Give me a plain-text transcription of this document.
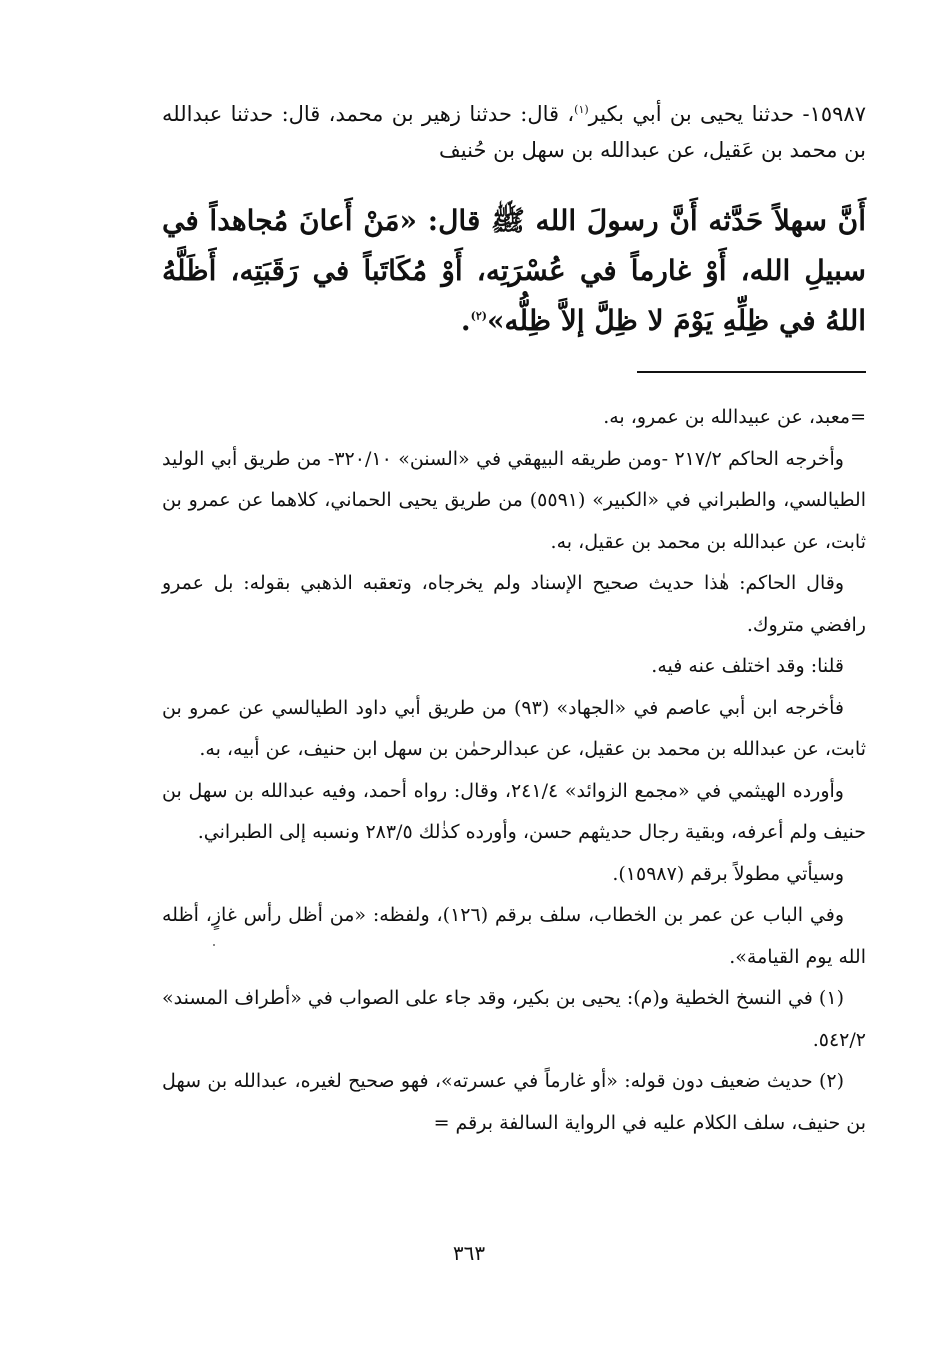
١٥٩٨٧- حدثنا يحيى بن أبي بكير$^{(١)}$، قال: حدثنا زهير بن محمد، قال: حدثنا عبدالله بن محمد بن عَقيل، عن عبدالله بن سهل بن حُنيف
أَنَّ سهلاً حَدَّثه أَنَّ رسولَ الله ﷺ قال: «مَنْ أَعانَ مُجاهداً في سبيلِ الله، أَوْ غارماً في عُسْرَتِه، أَوْ مُكَاتَباً في رَقَبَتِه، أَظَلَّهُ اللهُ في ظِلِّهِ يَوْمَ لا ظِلَّ إلاَّ ظِلُّه»$^{(٢)}$.

=معبد، عن عبيدالله بن عمرو، به.

وأخرجه الحاكم ٢١٧/٢ -ومن طريقه البيهقي في «السنن» ٣٢٠/١٠- من طريق أبي الوليد الطيالسي، والطبراني في «الكبير» (٥٥٩١) من طريق يحيى الحماني، كلاهما عن عمرو بن ثابت، عن عبدالله بن محمد بن عقيل، به.

وقال الحاكم: هٰذا حديث صحيح الإسناد ولم يخرجاه، وتعقبه الذهبي بقوله: بل عمرو رافضي متروك.

قلنا: وقد اختلف عنه فيه.

فأخرجه ابن أبي عاصم في «الجهاد» (٩٣) من طريق أبي داود الطيالسي عن عمرو بن ثابت، عن عبدالله بن محمد بن عقيل، عن عبدالرحمٰن بن سهل ابن حنيف، عن أبيه، به.

وأورده الهيثمي في «مجمع الزوائد» ٢٤١/٤، وقال: رواه أحمد، وفيه عبدالله بن سهل بن حنيف ولم أعرفه، وبقية رجال حديثهم حسن، وأورده كذٰلك ٢٨٣/٥ ونسبه إلى الطبراني.

وسيأتي مطولاً برقم (١٥٩٨٧).

وفي الباب عن عمر بن الخطاب، سلف برقم (١٢٦)، ولفظه: «من أظل رأس غازٍ، أظله الله يوم القيامة».

(١) في النسخ الخطية و(م): يحيى بن بكير، وقد جاء على الصواب في «أطراف المسند» ٥٤٢/٢.

(٢) حديث ضعيف دون قوله: «أو غارماً في عسرته»، فهو صحيح لغيره، عبدالله بن سهل بن حنيف، سلف الكلام عليه في الرواية السالفة برقم =

٣٦٣
